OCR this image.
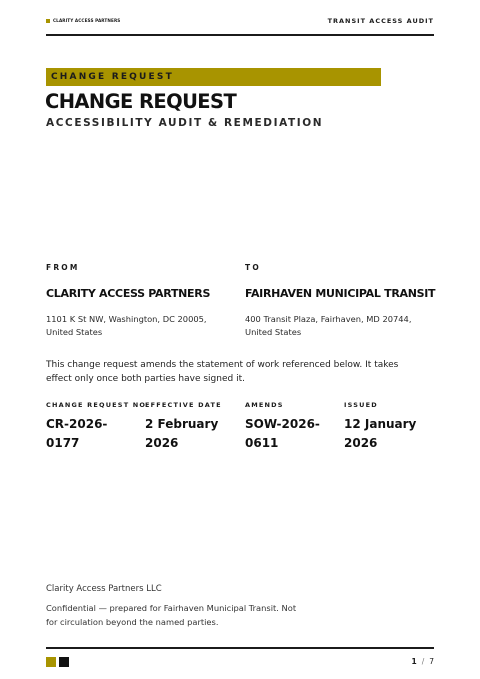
CLARITY ACCESS PARTNERS	TRANSIT ACCESS AUDIT
CHANGE REQUEST
CHANGE REQUEST
ACCESSIBILITY AUDIT & REMEDIATION
FROM
CLARITY ACCESS PARTNERS
1101 K St NW, Washington, DC 20005, United States
TO
FAIRHAVEN MUNICIPAL TRANSIT
400 Transit Plaza, Fairhaven, MD 20744, United States
This change request amends the statement of work referenced below. It takes effect only once both parties have signed it.
CHANGE REQUEST NO.
CR-2026-0177
EFFECTIVE DATE
2 February 2026
AMENDS
SOW-2026-0611
ISSUED
12 January 2026
Clarity Access Partners LLC
Confidential — prepared for Fairhaven Municipal Transit. Not for circulation beyond the named parties.
1 / 7
